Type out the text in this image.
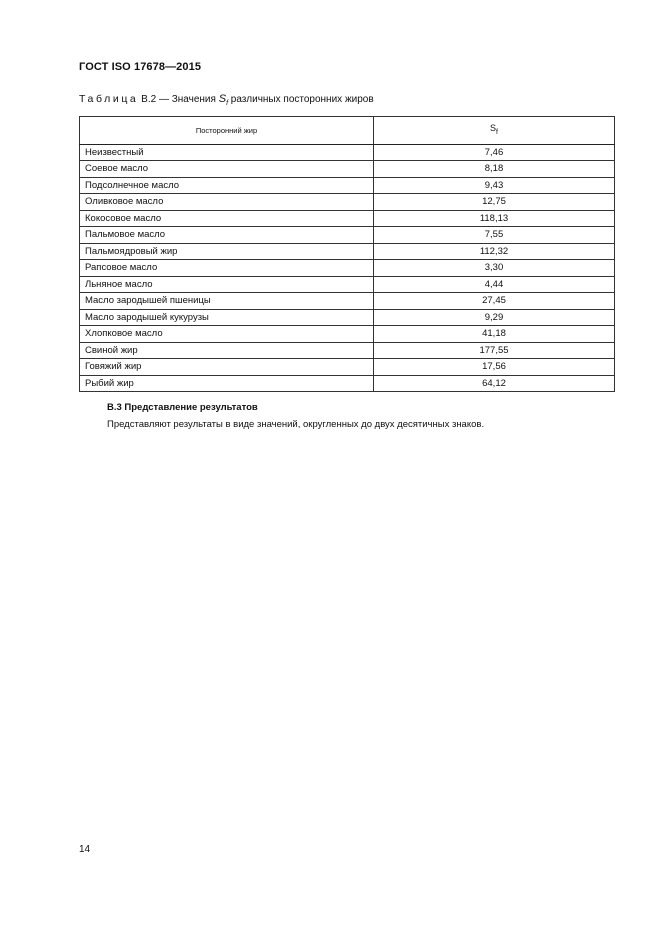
ГОСТ ISO 17678—2015
Таблица В.2 — Значения $S_f$ различных посторонних жиров
Посторонний жир	$S_f$
Неизвестный	7,46
Соевое масло	8,18
Подсолнечное масло	9,43
Оливковое масло	12,75
Кокосовое масло	118,13
Пальмовое масло	7,55
Пальмоядровый жир	112,32
Рапсовое масло	3,30
Льняное масло	4,44
Масло зародышей пшеницы	27,45
Масло зародышей кукурузы	9,29
Хлопковое масло	41,18
Свиной жир	177,55
Говяжий жир	17,56
Рыбий жир	64,12
В.3 Представление результатов
Представляют результаты в виде значений, округленных до двух десятичных знаков.
14
